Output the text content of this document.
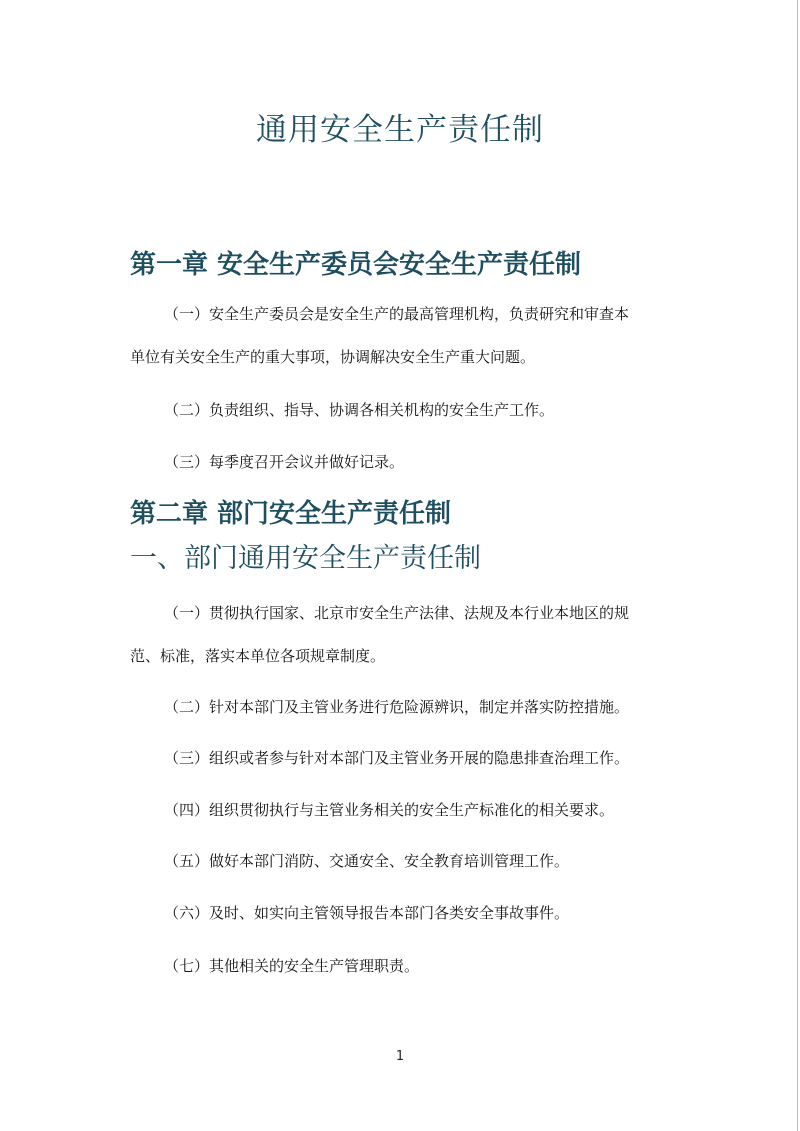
通用安全生产责任制
第一章 安全生产委员会安全生产责任制
（一）安全生产委员会是安全生产的最高管理机构，负责研究和审查本
单位有关安全生产的重大事项，协调解决安全生产重大问题。
（二）负责组织、指导、协调各相关机构的安全生产工作。
（三）每季度召开会议并做好记录。
第二章 部门安全生产责任制
一、部门通用安全生产责任制
（一）贯彻执行国家、北京市安全生产法律、法规及本行业本地区的规
范、标准，落实本单位各项规章制度。
（二）针对本部门及主管业务进行危险源辨识，制定并落实防控措施。
（三）组织或者参与针对本部门及主管业务开展的隐患排查治理工作。
（四）组织贯彻执行与主管业务相关的安全生产标准化的相关要求。
（五）做好本部门消防、交通安全、安全教育培训管理工作。
（六）及时、如实向主管领导报告本部门各类安全事故事件。
（七）其他相关的安全生产管理职责。
1
